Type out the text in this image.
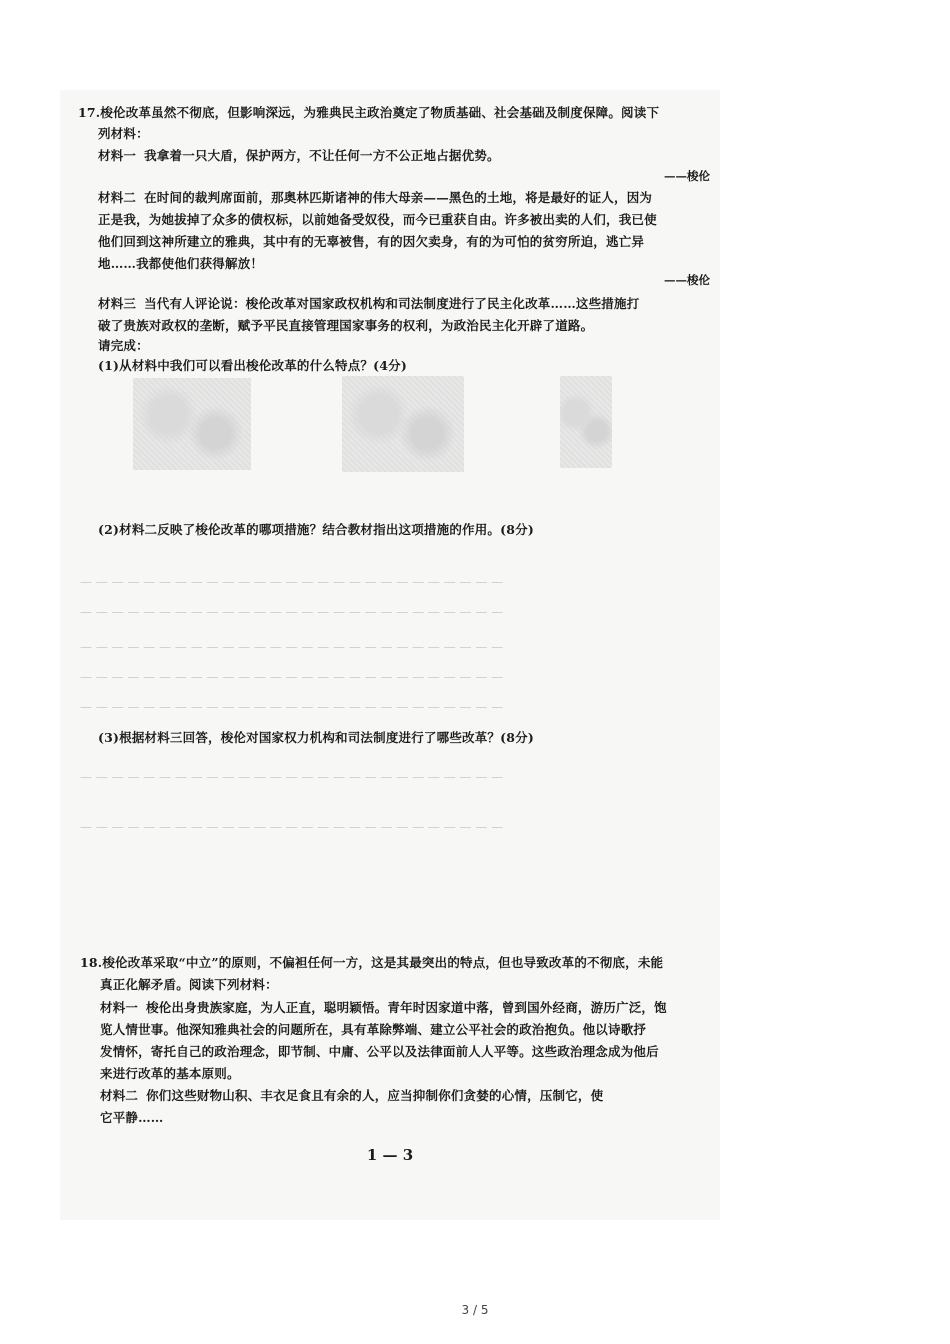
— — — — — — — — — — — — — — — — — — — — — — — — — — —
— — — — — — — — — — — — — — — — — — — — — — — — — — —
— — — — — — — — — — — — — — — — — — — — — — — — — — —
— — — — — — — — — — — — — — — — — — — — — — — — — — —
— — — — — — — — — — — — — — — — — — — — — — — — — — —
— — — — — — — — — — — — — — — — — — — — — — — — — — —
— — — — — — — — — — — — — — — — — — — — — — — — — — —
17.梭伦改革虽然不彻底，但影响深远，为雅典民主政治奠定了物质基础、社会基础及制度保障。阅读下
列材料：
材料一 我拿着一只大盾，保护两方，不让任何一方不公正地占据优势。
——梭伦
材料二 在时间的裁判席面前，那奥林匹斯诸神的伟大母亲——黑色的土地，将是最好的证人，因为
正是我，为她拔掉了众多的债权标，以前她备受奴役，而今已重获自由。许多被出卖的人们，我已使
他们回到这神所建立的雅典，其中有的无辜被售，有的因欠卖身，有的为可怕的贫穷所迫，逃亡异
地……我都使他们获得解放！
——梭伦
材料三 当代有人评论说：梭伦改革对国家政权机构和司法制度进行了民主化改革……这些措施打
破了贵族对政权的垄断，赋予平民直接管理国家事务的权利，为政治民主化开辟了道路。
请完成：
(1)从材料中我们可以看出梭伦改革的什么特点？(4分)
(2)材料二反映了梭伦改革的哪项措施？结合教材指出这项措施的作用。(8分)
(3)根据材料三回答，梭伦对国家权力机构和司法制度进行了哪些改革？(8分)
18.梭伦改革采取“中立”的原则，不偏袒任何一方，这是其最突出的特点，但也导致改革的不彻底，未能
真正化解矛盾。阅读下列材料：
材料一 梭伦出身贵族家庭，为人正直，聪明颖悟。青年时因家道中落，曾到国外经商，游历广泛，饱
览人情世事。他深知雅典社会的问题所在，具有革除弊端、建立公平社会的政治抱负。他以诗歌抒
发情怀，寄托自己的政治理念，即节制、中庸、公平以及法律面前人人平等。这些政治理念成为他后
来进行改革的基本原则。
材料二 你们这些财物山积、丰衣足食且有余的人，应当抑制你们贪婪的心情，压制它，使
它平静……
1 — 3
3 / 5
